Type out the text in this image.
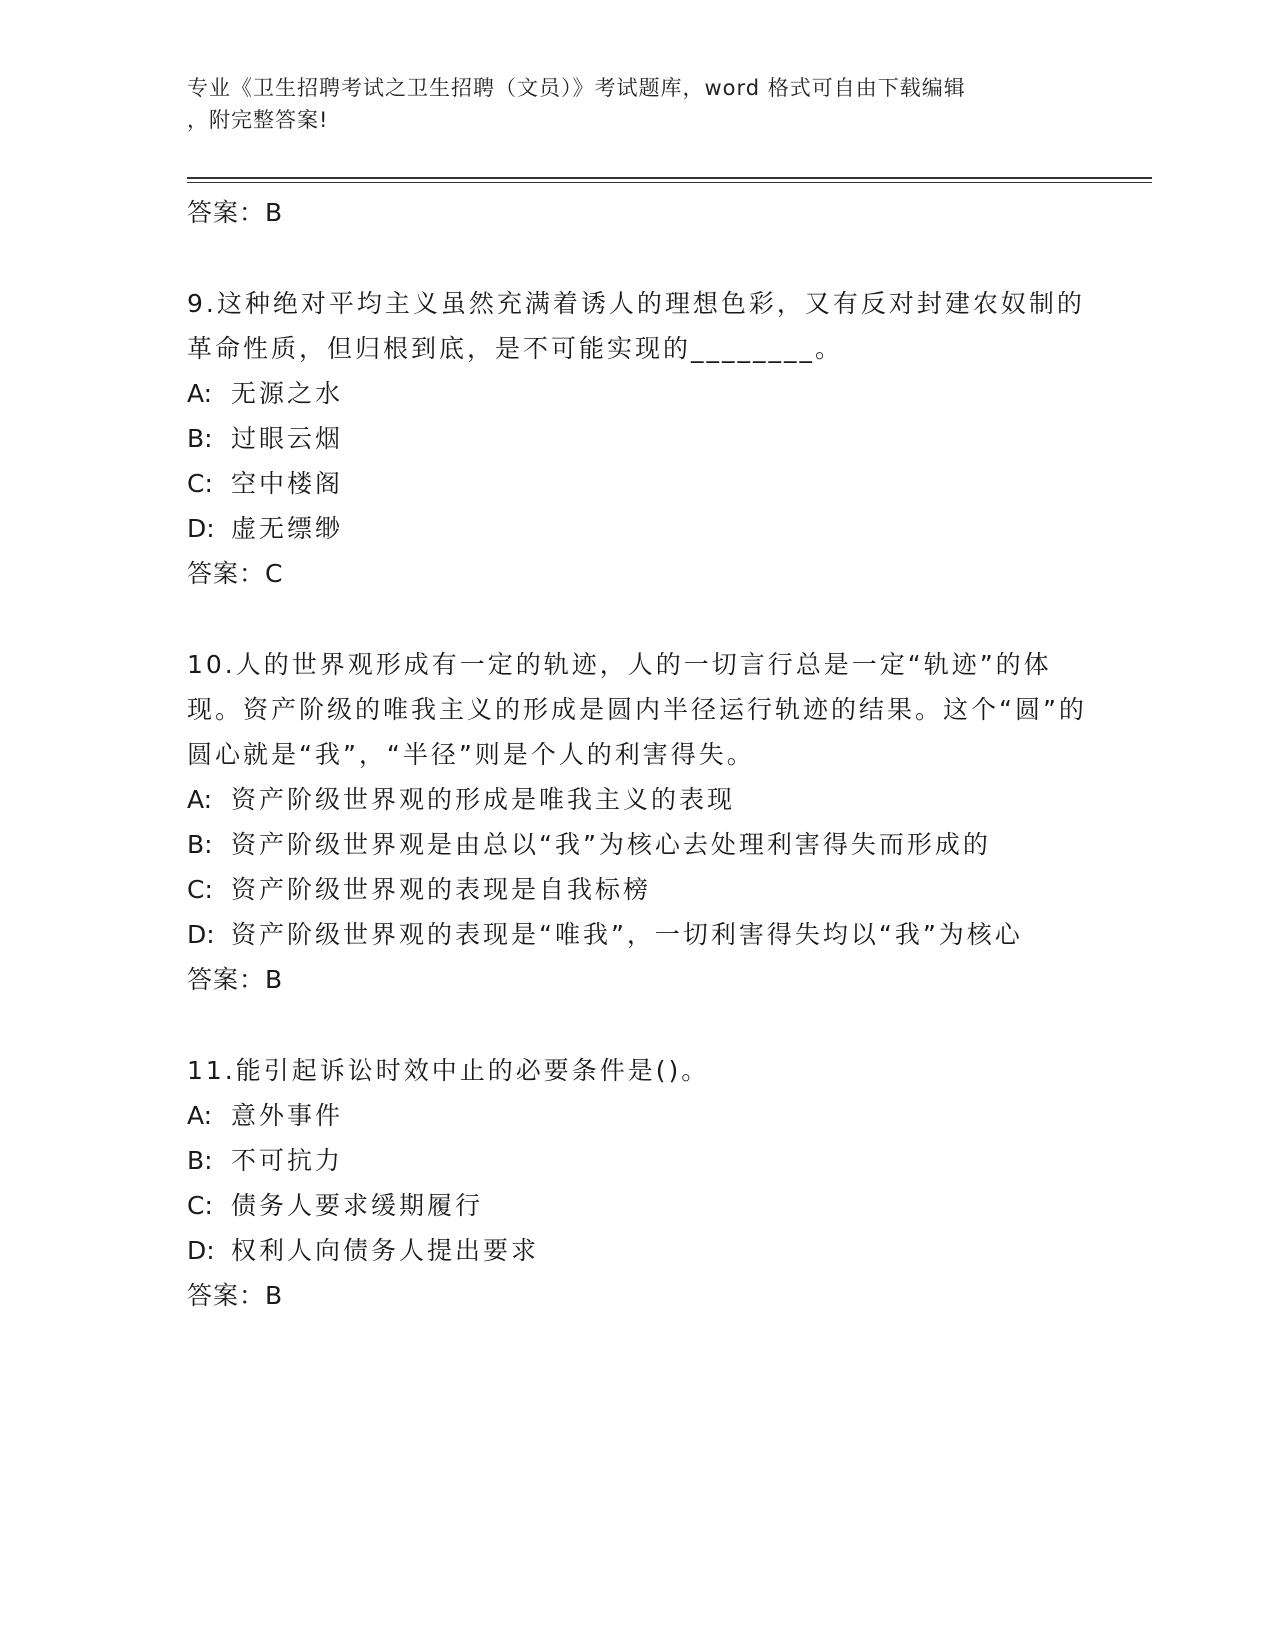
专业《卫生招聘考试之卫生招聘（文员）》考试题库，word 格式可自由下载编辑
，附完整答案!
答案：B
9.这种绝对平均主义虽然充满着诱人的理想色彩，又有反对封建农奴制的革命性质，但归根到底，是不可能实现的________。
A: 无源之水
B: 过眼云烟
C: 空中楼阁
D: 虚无缥缈
答案：C
10.人的世界观形成有一定的轨迹，人的一切言行总是一定“轨迹”的体现。资产阶级的唯我主义的形成是圆内半径运行轨迹的结果。这个“圆”的圆心就是“我”，“半径”则是个人的利害得失。
A: 资产阶级世界观的形成是唯我主义的表现
B: 资产阶级世界观是由总以“我”为核心去处理利害得失而形成的
C: 资产阶级世界观的表现是自我标榜
D: 资产阶级世界观的表现是“唯我”，一切利害得失均以“我”为核心
答案：B
11.能引起诉讼时效中止的必要条件是()。
A: 意外事件
B: 不可抗力
C: 债务人要求缓期履行
D: 权利人向债务人提出要求
答案：B
